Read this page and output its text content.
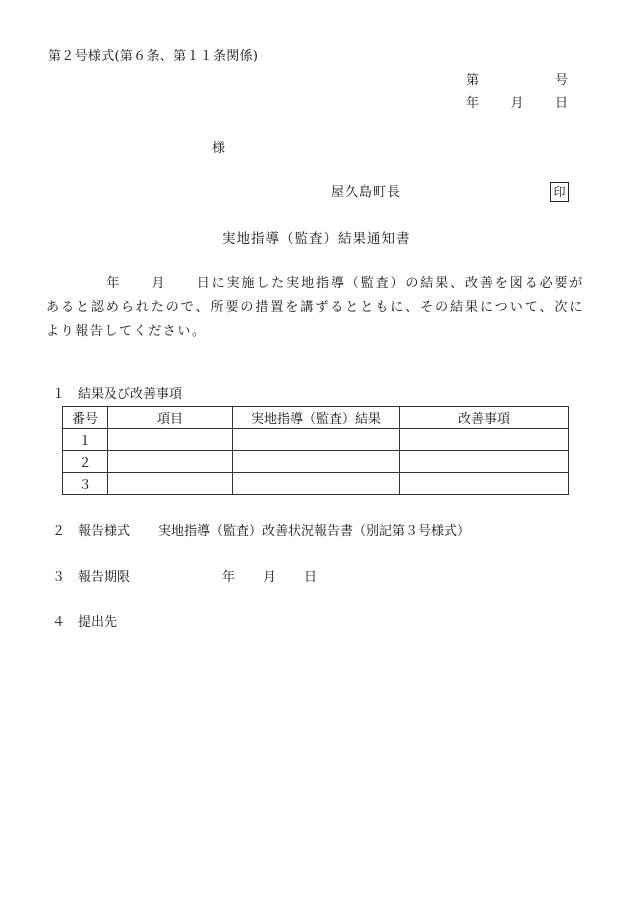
第２号様式(第６条、第１１条関係)
第	号
年 月 日
様
屋久島町長	印
実地指導（監査）結果通知書
年 月 日に実施した実地指導（監査）の結果、改善を図る必要があると認められたので、所要の措置を講ずるとともに、その結果について、次により報告してください。
１ 結果及び改善事項
番号	項目	実地指導（監査）結果	改善事項
１			
２			
３			
２ 報告様式 実地指導（監査）改善状況報告書（別記第３号様式）
３ 報告期限	年 月 日
４ 提出先
